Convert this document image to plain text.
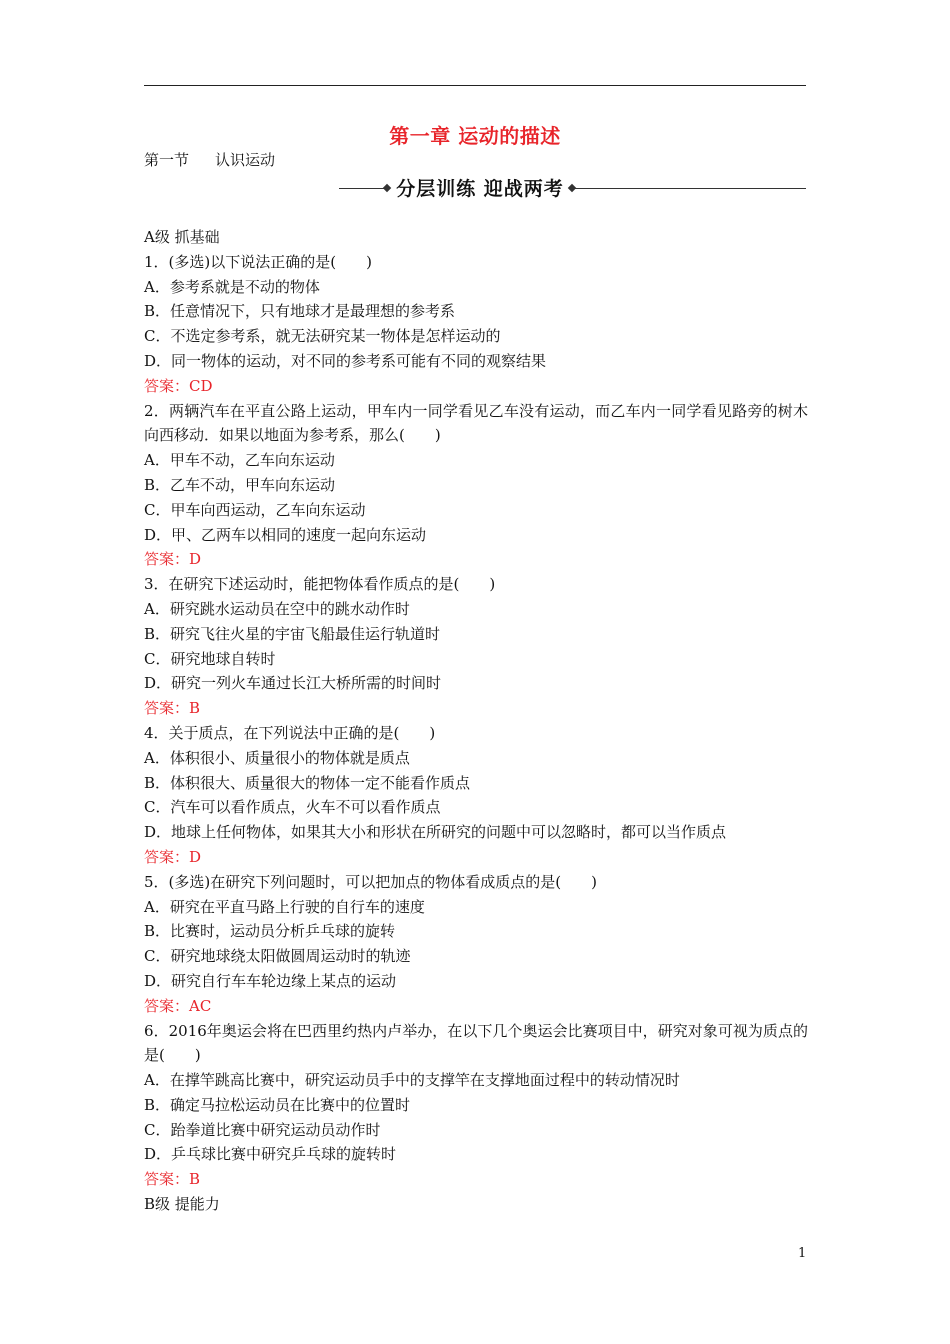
第一章 运动的描述
第一节 认识运动
分层训练 迎战两考
A级 抓基础
1．(多选)以下说法正确的是(　　)
A．参考系就是不动的物体
B．任意情况下，只有地球才是最理想的参考系
C．不选定参考系，就无法研究某一物体是怎样运动的
D．同一物体的运动，对不同的参考系可能有不同的观察结果
答案：CD
2．两辆汽车在平直公路上运动，甲车内一同学看见乙车没有运动，而乙车内一同学看见路旁的树木向西移动．如果以地面为参考系，那么(　　)
A．甲车不动，乙车向东运动
B．乙车不动，甲车向东运动
C．甲车向西运动，乙车向东运动
D．甲、乙两车以相同的速度一起向东运动
答案：D
3．在研究下述运动时，能把物体看作质点的是(　　)
A．研究跳水运动员在空中的跳水动作时
B．研究飞往火星的宇宙飞船最佳运行轨道时
C．研究地球自转时
D．研究一列火车通过长江大桥所需的时间时
答案：B
4．关于质点，在下列说法中正确的是(　　)
A．体积很小、质量很小的物体就是质点
B．体积很大、质量很大的物体一定不能看作质点
C．汽车可以看作质点，火车不可以看作质点
D．地球上任何物体，如果其大小和形状在所研究的问题中可以忽略时，都可以当作质点
答案：D
5．(多选)在研究下列问题时，可以把加点的物体看成质点的是(　　)
A．研究在平直马路上行驶的自行车的速度
B．比赛时，运动员分析乒乓球的旋转
C．研究地球绕太阳做圆周运动时的轨迹
D．研究自行车车轮边缘上某点的运动
答案：AC
6．2016年奥运会将在巴西里约热内卢举办，在以下几个奥运会比赛项目中，研究对象可视为质点的是(　　)
A．在撑竿跳高比赛中，研究运动员手中的支撑竿在支撑地面过程中的转动情况时
B．确定马拉松运动员在比赛中的位置时
C．跆拳道比赛中研究运动员动作时
D．乒乓球比赛中研究乒乓球的旋转时
答案：B
B级 提能力
1
